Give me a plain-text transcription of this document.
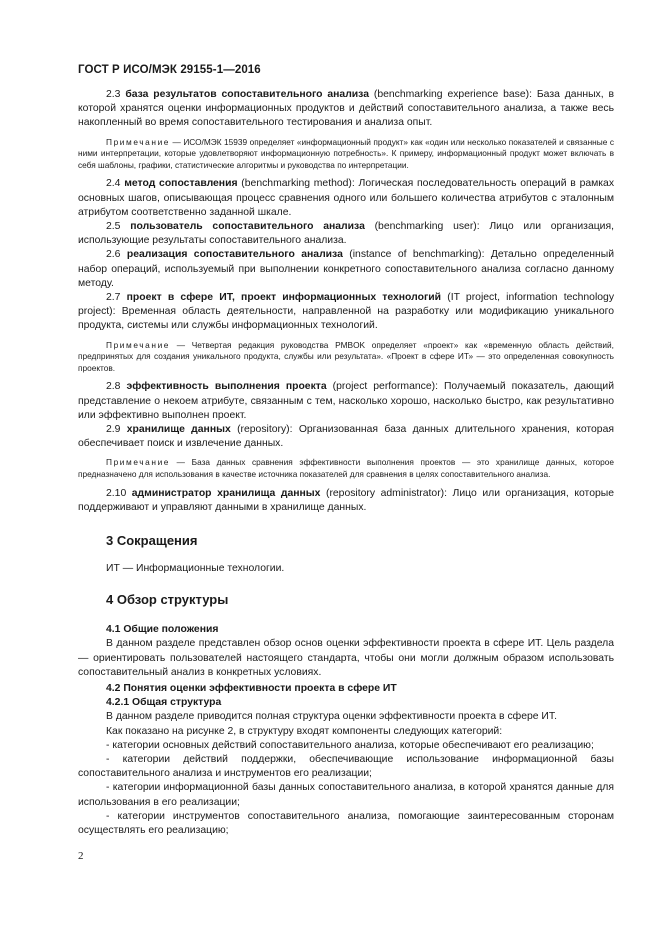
ГОСТ Р ИСО/МЭК 29155-1—2016

2.3 база результатов сопоставительного анализа (benchmarking experience base): База данных, в которой хранятся оценки информационных продуктов и действий сопоставительного анализа, а также весь накопленный во время сопоставительного тестирования и анализа опыт.

Примечание — ИСО/МЭК 15939 определяет «информационный продукт» как «один или несколько показателей и связанные с ними интерпретации, которые удовлетворяют информационную потребность». К примеру, информационный продукт может включать в себя шаблоны, графики, статистические алгоритмы и руководства по интерпретации.

2.4 метод сопоставления (benchmarking method): Логическая последовательность операций в рамках основных шагов, описывающая процесс сравнения одного или большего количества атрибутов с эталонным атрибутом соответственно заданной шкале.

2.5 пользователь сопоставительного анализа (benchmarking user): Лицо или организация, использующие результаты сопоставительного анализа.

2.6 реализация сопоставительного анализа (instance of benchmarking): Детально определенный набор операций, используемый при выполнении конкретного сопоставительного анализа согласно данному методу.

2.7 проект в сфере ИТ, проект информационных технологий (IT project, information technology project): Временная область деятельности, направленной на разработку или модификацию уникального продукта, системы или службы информационных технологий.

Примечание — Четвертая редакция руководства PMBOK определяет «проект» как «временную область действий, предпринятых для создания уникального продукта, службы или результата». «Проект в сфере ИТ» — это определенная совокупность проектов.

2.8 эффективность выполнения проекта (project performance): Получаемый показатель, дающий представление о некоем атрибуте, связанным с тем, насколько хорошо, насколько быстро, как результативно или эффективно выполнен проект.

2.9 хранилище данных (repository): Организованная база данных длительного хранения, которая обеспечивает поиск и извлечение данных.

Примечание — База данных сравнения эффективности выполнения проектов — это хранилище данных, которое предназначено для использования в качестве источника показателей для сравнения в целях сопоставительного анализа.

2.10 администратор хранилища данных (repository administrator): Лицо или организация, которые поддерживают и управляют данными в хранилище данных.

3 Сокращения

ИТ — Информационные технологии.

4 Обзор структуры

4.1 Общие положения

В данном разделе представлен обзор основ оценки эффективности проекта в сфере ИТ. Цель раздела — ориентировать пользователей настоящего стандарта, чтобы они могли должным образом использовать сопоставительный анализ в конкретных условиях.

4.2 Понятия оценки эффективности проекта в сфере ИТ

4.2.1 Общая структура

В данном разделе приводится полная структура оценки эффективности проекта в сфере ИТ.

Как показано на рисунке 2, в структуру входят компоненты следующих категорий:

- категории основных действий сопоставительного анализа, которые обеспечивают его реализацию;

- категории действий поддержки, обеспечивающие использование информационной базы сопоставительного анализа и инструментов его реализации;

- категории информационной базы данных сопоставительного анализа, в которой хранятся данные для использования в его реализации;

- категории инструментов сопоставительного анализа, помогающие заинтересованным сторонам осуществлять его реализацию;

2
